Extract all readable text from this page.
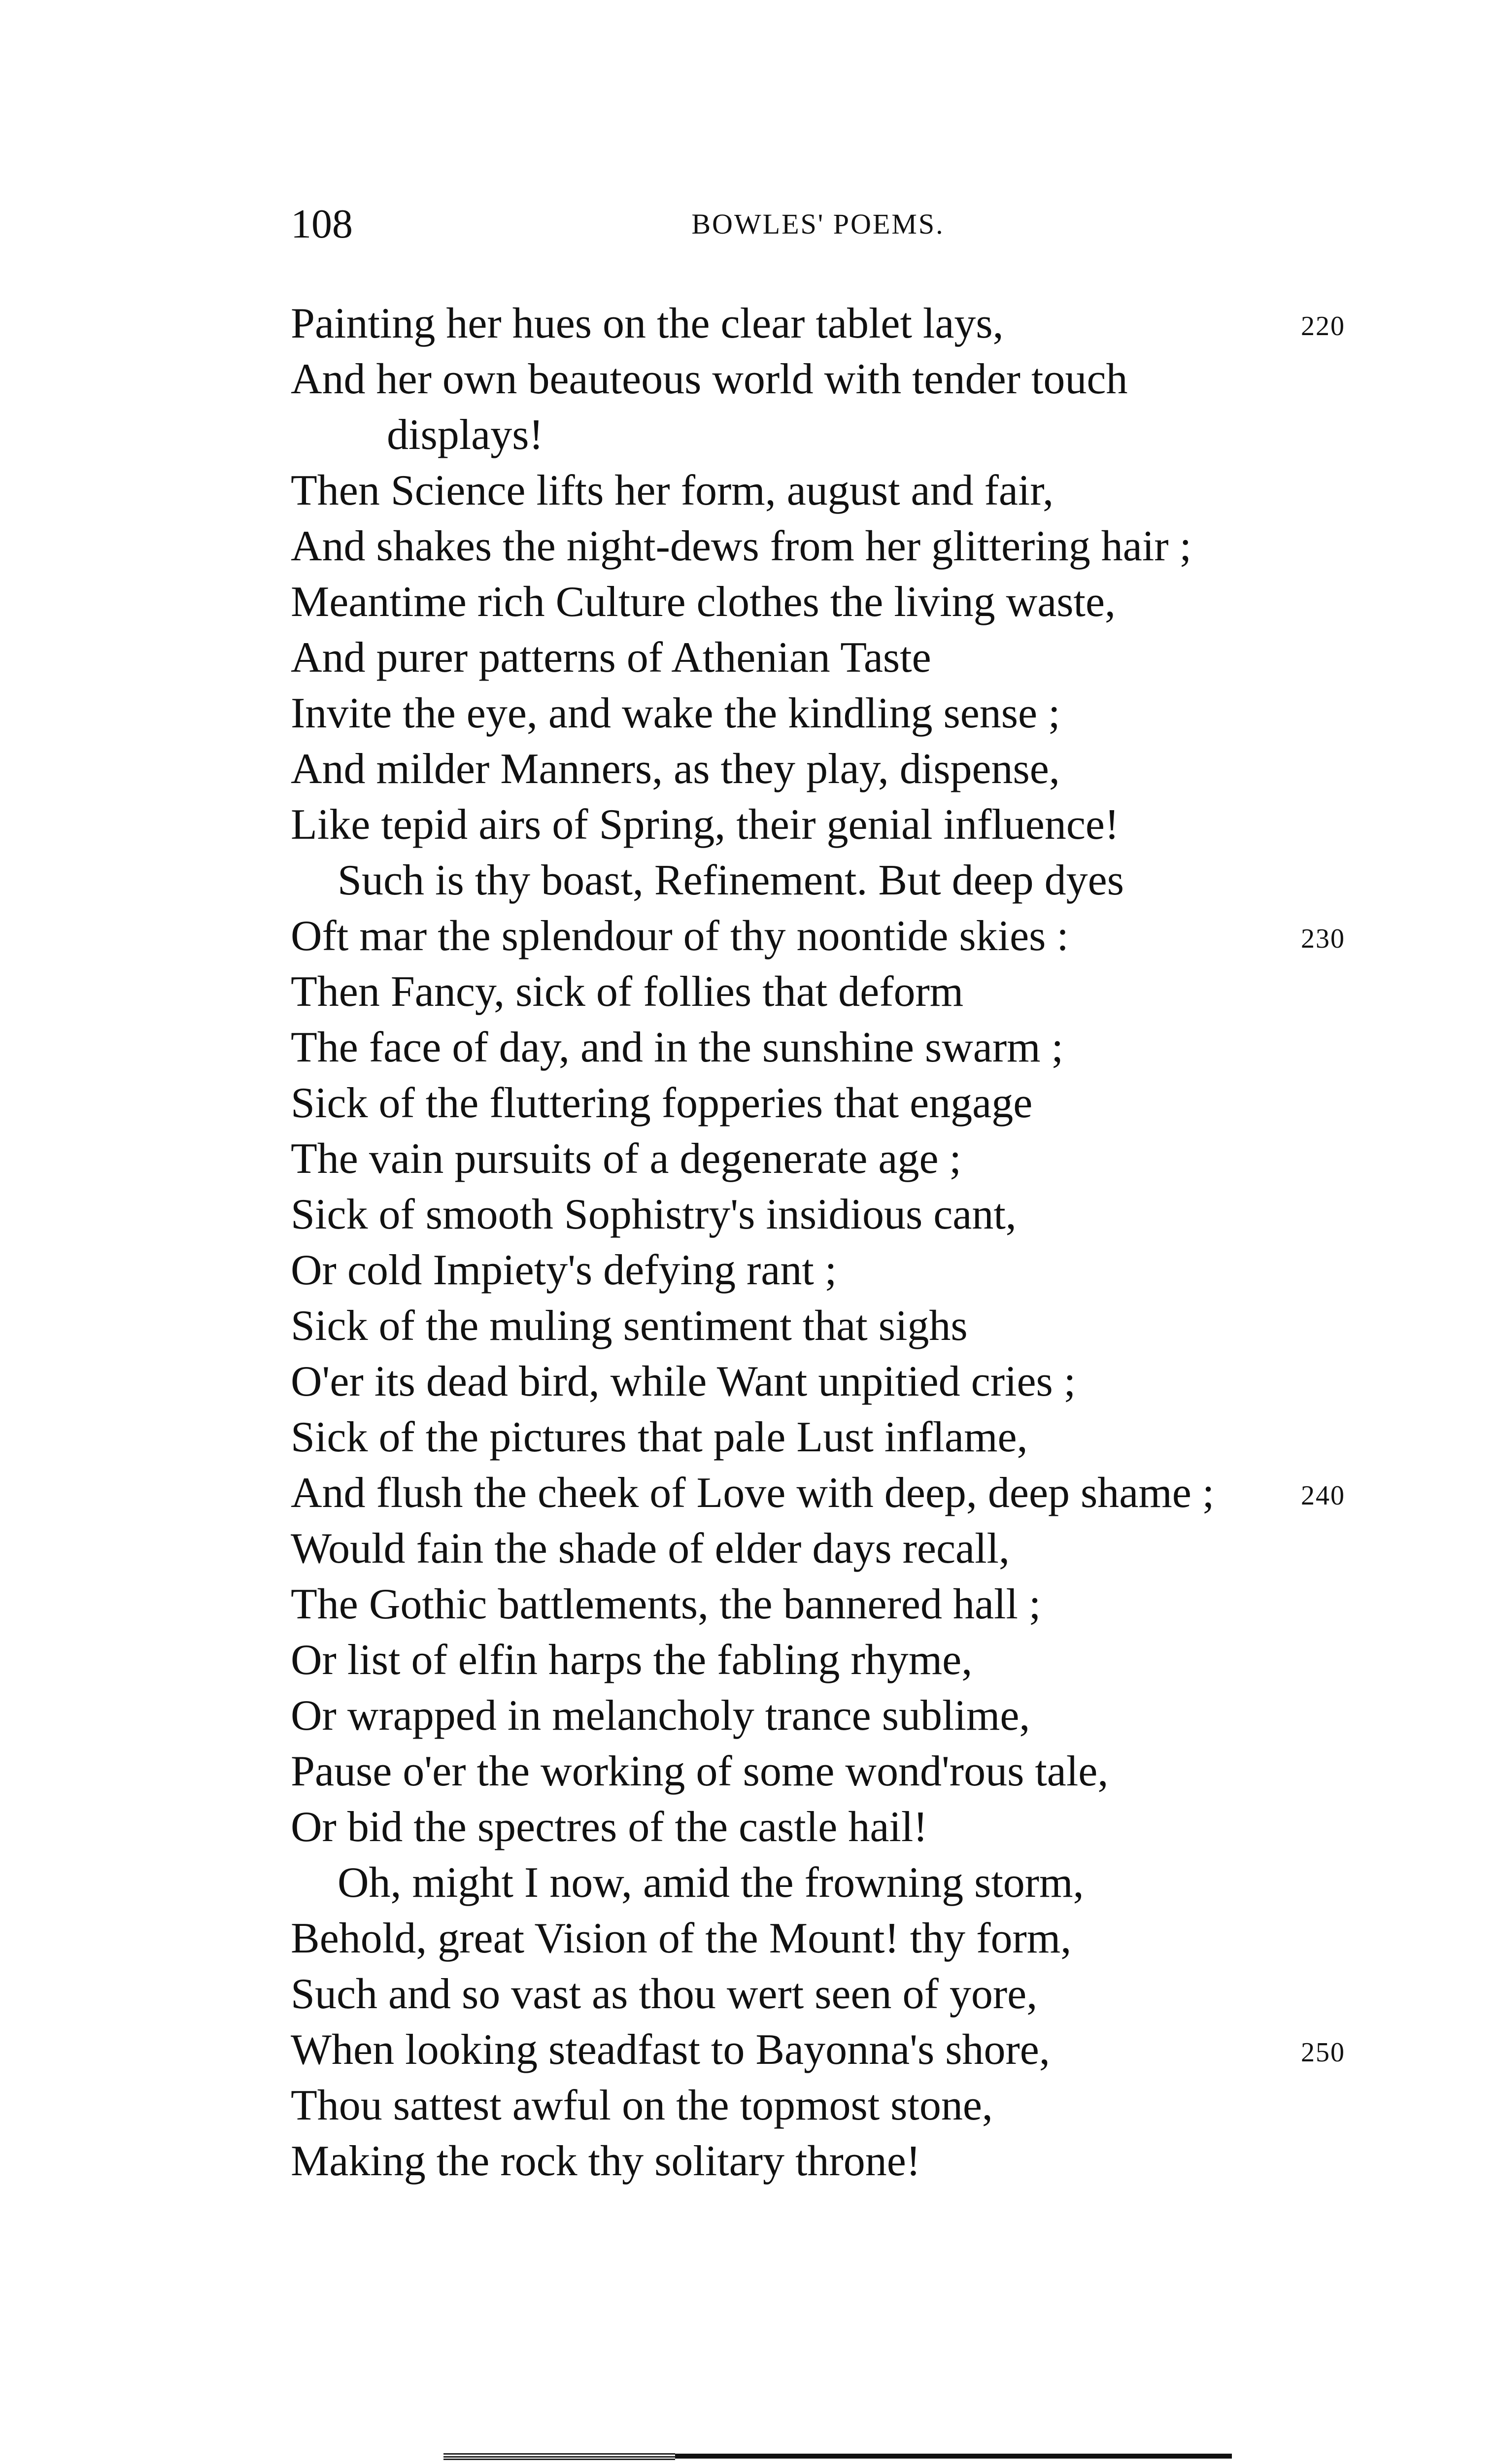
108	BOWLES' POEMS.
Painting her hues on the clear tablet lays,	220
And her own beauteous world with tender touch
displays!
Then Science lifts her form, august and fair,
And shakes the night-dews from her glittering hair ;
Meantime rich Culture clothes the living waste,
And purer patterns of Athenian Taste
Invite the eye, and wake the kindling sense ;
And milder Manners, as they play, dispense,
Like tepid airs of Spring, their genial influence!
Such is thy boast, Refinement. But deep dyes
Oft mar the splendour of thy noontide skies :	230
Then Fancy, sick of follies that deform
The face of day, and in the sunshine swarm ;
Sick of the fluttering fopperies that engage
The vain pursuits of a degenerate age ;
Sick of smooth Sophistry's insidious cant,
Or cold Impiety's defying rant ;
Sick of the muling sentiment that sighs
O'er its dead bird, while Want unpitied cries ;
Sick of the pictures that pale Lust inflame,
And flush the cheek of Love with deep, deep shame ;	240
Would fain the shade of elder days recall,
The Gothic battlements, the bannered hall ;
Or list of elfin harps the fabling rhyme,
Or wrapped in melancholy trance sublime,
Pause o'er the working of some wond'rous tale,
Or bid the spectres of the castle hail!
Oh, might I now, amid the frowning storm,
Behold, great Vision of the Mount! thy form,
Such and so vast as thou wert seen of yore,
When looking steadfast to Bayonna's shore,	250
Thou sattest awful on the topmost stone,
Making the rock thy solitary throne!
